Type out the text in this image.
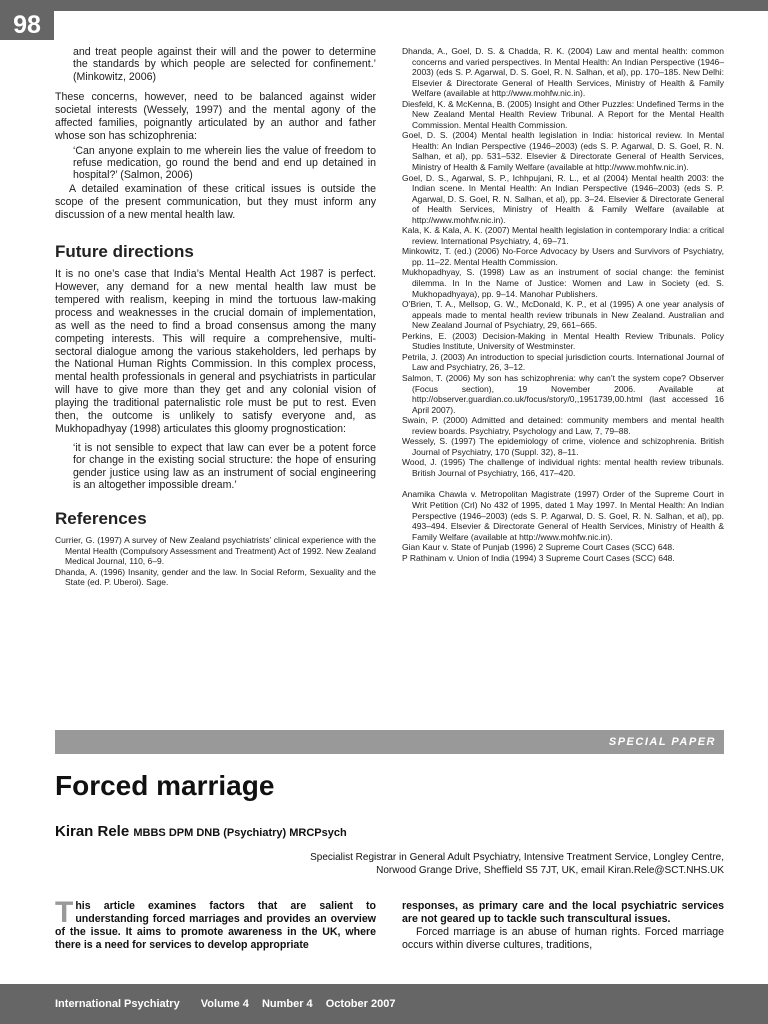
98

and treat people against their will and the power to determine the standards by which people are selected for confinement.’ (Minkowitz, 2006)

These concerns, however, need to be balanced against wider societal interests (Wessely, 1997) and the mental agony of the affected families, poignantly articulated by an author and father whose son has schizophrenia:

‘Can anyone explain to me wherein lies the value of freedom to refuse medication, go round the bend and end up detained in hospital?’ (Salmon, 2006)

A detailed examination of these critical issues is outside the scope of the present communication, but they must inform any discussion of a new mental health law.

Future directions

It is no one’s case that India’s Mental Health Act 1987 is perfect. However, any demand for a new mental health law must be tempered with realism, keeping in mind the tortuous law-making process and weaknesses in the crucial domain of implementation, as well as the need to find a broad consensus among the many competing interests. This will require a comprehensive, multi-sectoral dialogue among the various stakeholders, led perhaps by the National Human Rights Commission. In this complex process, mental health professionals in general and psychiatrists in particular will have to give more than they get and any colonial vision of playing the traditional paternalistic role must be put to rest. Even then, the outcome is unlikely to satisfy everyone and, as Mukhopadhyay (1998) articulates this gloomy prognostication:

‘it is not sensible to expect that law can ever be a potent force for change in the existing social structure: the hope of ensuring gender justice using law as an instrument of social engineering is an altogether impossible dream.’

References

Currier, G. (1997) A survey of New Zealand psychiatrists’ clinical experience with the Mental Health (Compulsory Assessment and Treatment) Act of 1992. New Zealand Medical Journal, 110, 6–9.

Dhanda, A. (1996) Insanity, gender and the law. In Social Reform, Sexuality and the State (ed. P. Uberoi). Sage.

Dhanda, A., Goel, D. S. & Chadda, R. K. (2004) Law and mental health: common concerns and varied perspectives. In Mental Health: An Indian Perspective (1946–2003) (eds S. P. Agarwal, D. S. Goel, R. N. Salhan, et al), pp. 170–185. New Delhi: Elsevier & Directorate General of Health Services, Ministry of Health & Family Welfare (available at http://www.mohfw.nic.in).

Diesfeld, K. & McKenna, B. (2005) Insight and Other Puzzles: Undefined Terms in the New Zealand Mental Health Review Tribunal. A Report for the Mental Health Commission. Mental Health Commission.

Goel, D. S. (2004) Mental health legislation in India: historical review. In Mental Health: An Indian Perspective (1946–2003) (eds S. P. Agarwal, D. S. Goel, R. N. Salhan, et al), pp. 531–532. Elsevier & Directorate General of Health Services, Ministry of Health & Family Welfare (available at http://www.mohfw.nic.in).

Goel, D. S., Agarwal, S. P., Ichhpujani, R. L., et al (2004) Mental health 2003: the Indian scene. In Mental Health: An Indian Perspective (1946–2003) (eds S. P. Agarwal, D. S. Goel, R. N. Salhan, et al), pp. 3–24. Elsevier & Directorate General of Health Services, Ministry of Health & Family Welfare (available at http://www.mohfw.nic.in).

Kala, K. & Kala, A. K. (2007) Mental health legislation in contemporary India: a critical review. International Psychiatry, 4, 69–71.

Minkowitz, T. (ed.) (2006) No-Force Advocacy by Users and Survivors of Psychiatry, pp. 11–22. Mental Health Commission.

Mukhopadhyay, S. (1998) Law as an instrument of social change: the feminist dilemma. In In the Name of Justice: Women and Law in Society (ed. S. Mukhopadhyaya), pp. 9–14. Manohar Publishers.

O’Brien, T. A., Mellsop, G. W., McDonald, K. P., et al (1995) A one year analysis of appeals made to mental health review tribunals in New Zealand. Australian and New Zealand Journal of Psychiatry, 29, 661–665.

Perkins, E. (2003) Decision-Making in Mental Health Review Tribunals. Policy Studies Institute, University of Westminster.

Petrila, J. (2003) An introduction to special jurisdiction courts. International Journal of Law and Psychiatry, 26, 3–12.

Salmon, T. (2006) My son has schizophrenia: why can’t the system cope? Observer (Focus section), 19 November 2006. Available at http://observer.guardian.co.uk/focus/story/0,,1951739,00.html (last accessed 16 April 2007).

Swain, P. (2000) Admitted and detained: community members and mental health review boards. Psychiatry, Psychology and Law, 7, 79–88.

Wessely, S. (1997) The epidemiology of crime, violence and schizophrenia. British Journal of Psychiatry, 170 (Suppl. 32), 8–11.

Wood, J. (1995) The challenge of individual rights: mental health review tribunals. British Journal of Psychiatry, 166, 417–420.

Anamika Chawla v. Metropolitan Magistrate (1997) Order of the Supreme Court in Writ Petition (Crl) No 432 of 1995, dated 1 May 1997. In Mental Health: An Indian Perspective (1946–2003) (eds S. P. Agarwal, D. S. Goel, R. N. Salhan, et al), pp. 493–494. Elsevier & Directorate General of Health Services, Ministry of Health & Family Welfare (available at http://www.mohfw.nic.in).

Gian Kaur v. State of Punjab (1996) 2 Supreme Court Cases (SCC) 648.

P Rathinam v. Union of India (1994) 3 Supreme Court Cases (SCC) 648.

SPECIAL PAPER
Forced marriage
Kiran Rele MBBS DPM DNB (Psychiatry) MRCPsych
Specialist Registrar in General Adult Psychiatry, Intensive Treatment Service, Longley Centre,
Norwood Grange Drive, Sheffield S5 7JT, UK, email Kiran.Rele@SCT.NHS.UK
T his article examines factors that are salient to understanding forced marriages and provides an overview of the issue. It aims to promote awareness in the UK, where there is a need for services to develop appropriate

responses, as primary care and the local psychiatric services are not geared up to tackle such transcultural issues.

Forced marriage is an abuse of human rights. Forced marriage occurs within diverse cultures, traditions,

International Psychiatry Volume 4 Number 4 October 2007
